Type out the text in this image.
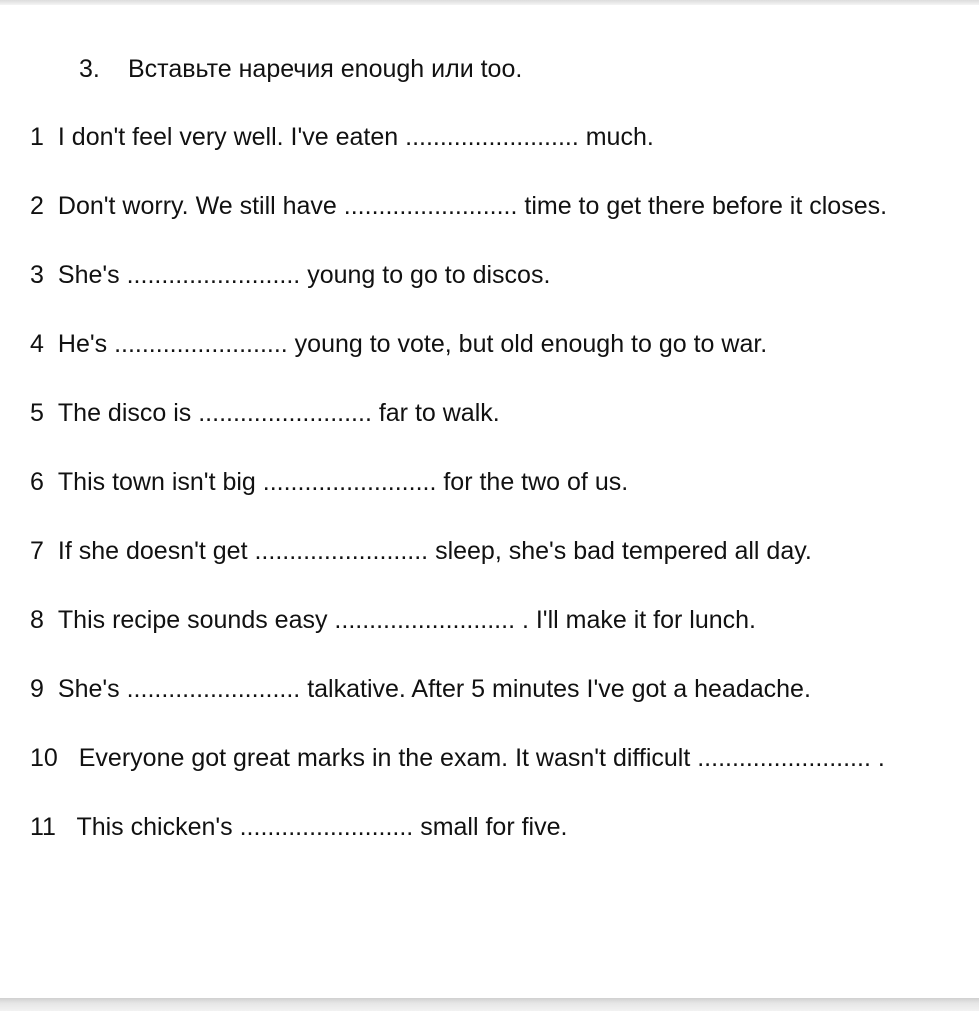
3. Вставьте наречия enough или too.
1 I don't feel very well. I've eaten ......................... much.
2 Don't worry. We still have ......................... time to get there before it closes.
3 She's ......................... young to go to discos.
4 He's ......................... young to vote, but old enough to go to war.
5 The disco is ......................... far to walk.
6 This town isn't big ......................... for the two of us.
7 If she doesn't get ......................... sleep, she's bad tempered all day.
8 This recipe sounds easy .......................... . I'll make it for lunch.
9 She's ......................... talkative. After 5 minutes I've got a headache.
10 Everyone got great marks in the exam. It wasn't difficult ......................... .
11 This chicken's ......................... small for five.
